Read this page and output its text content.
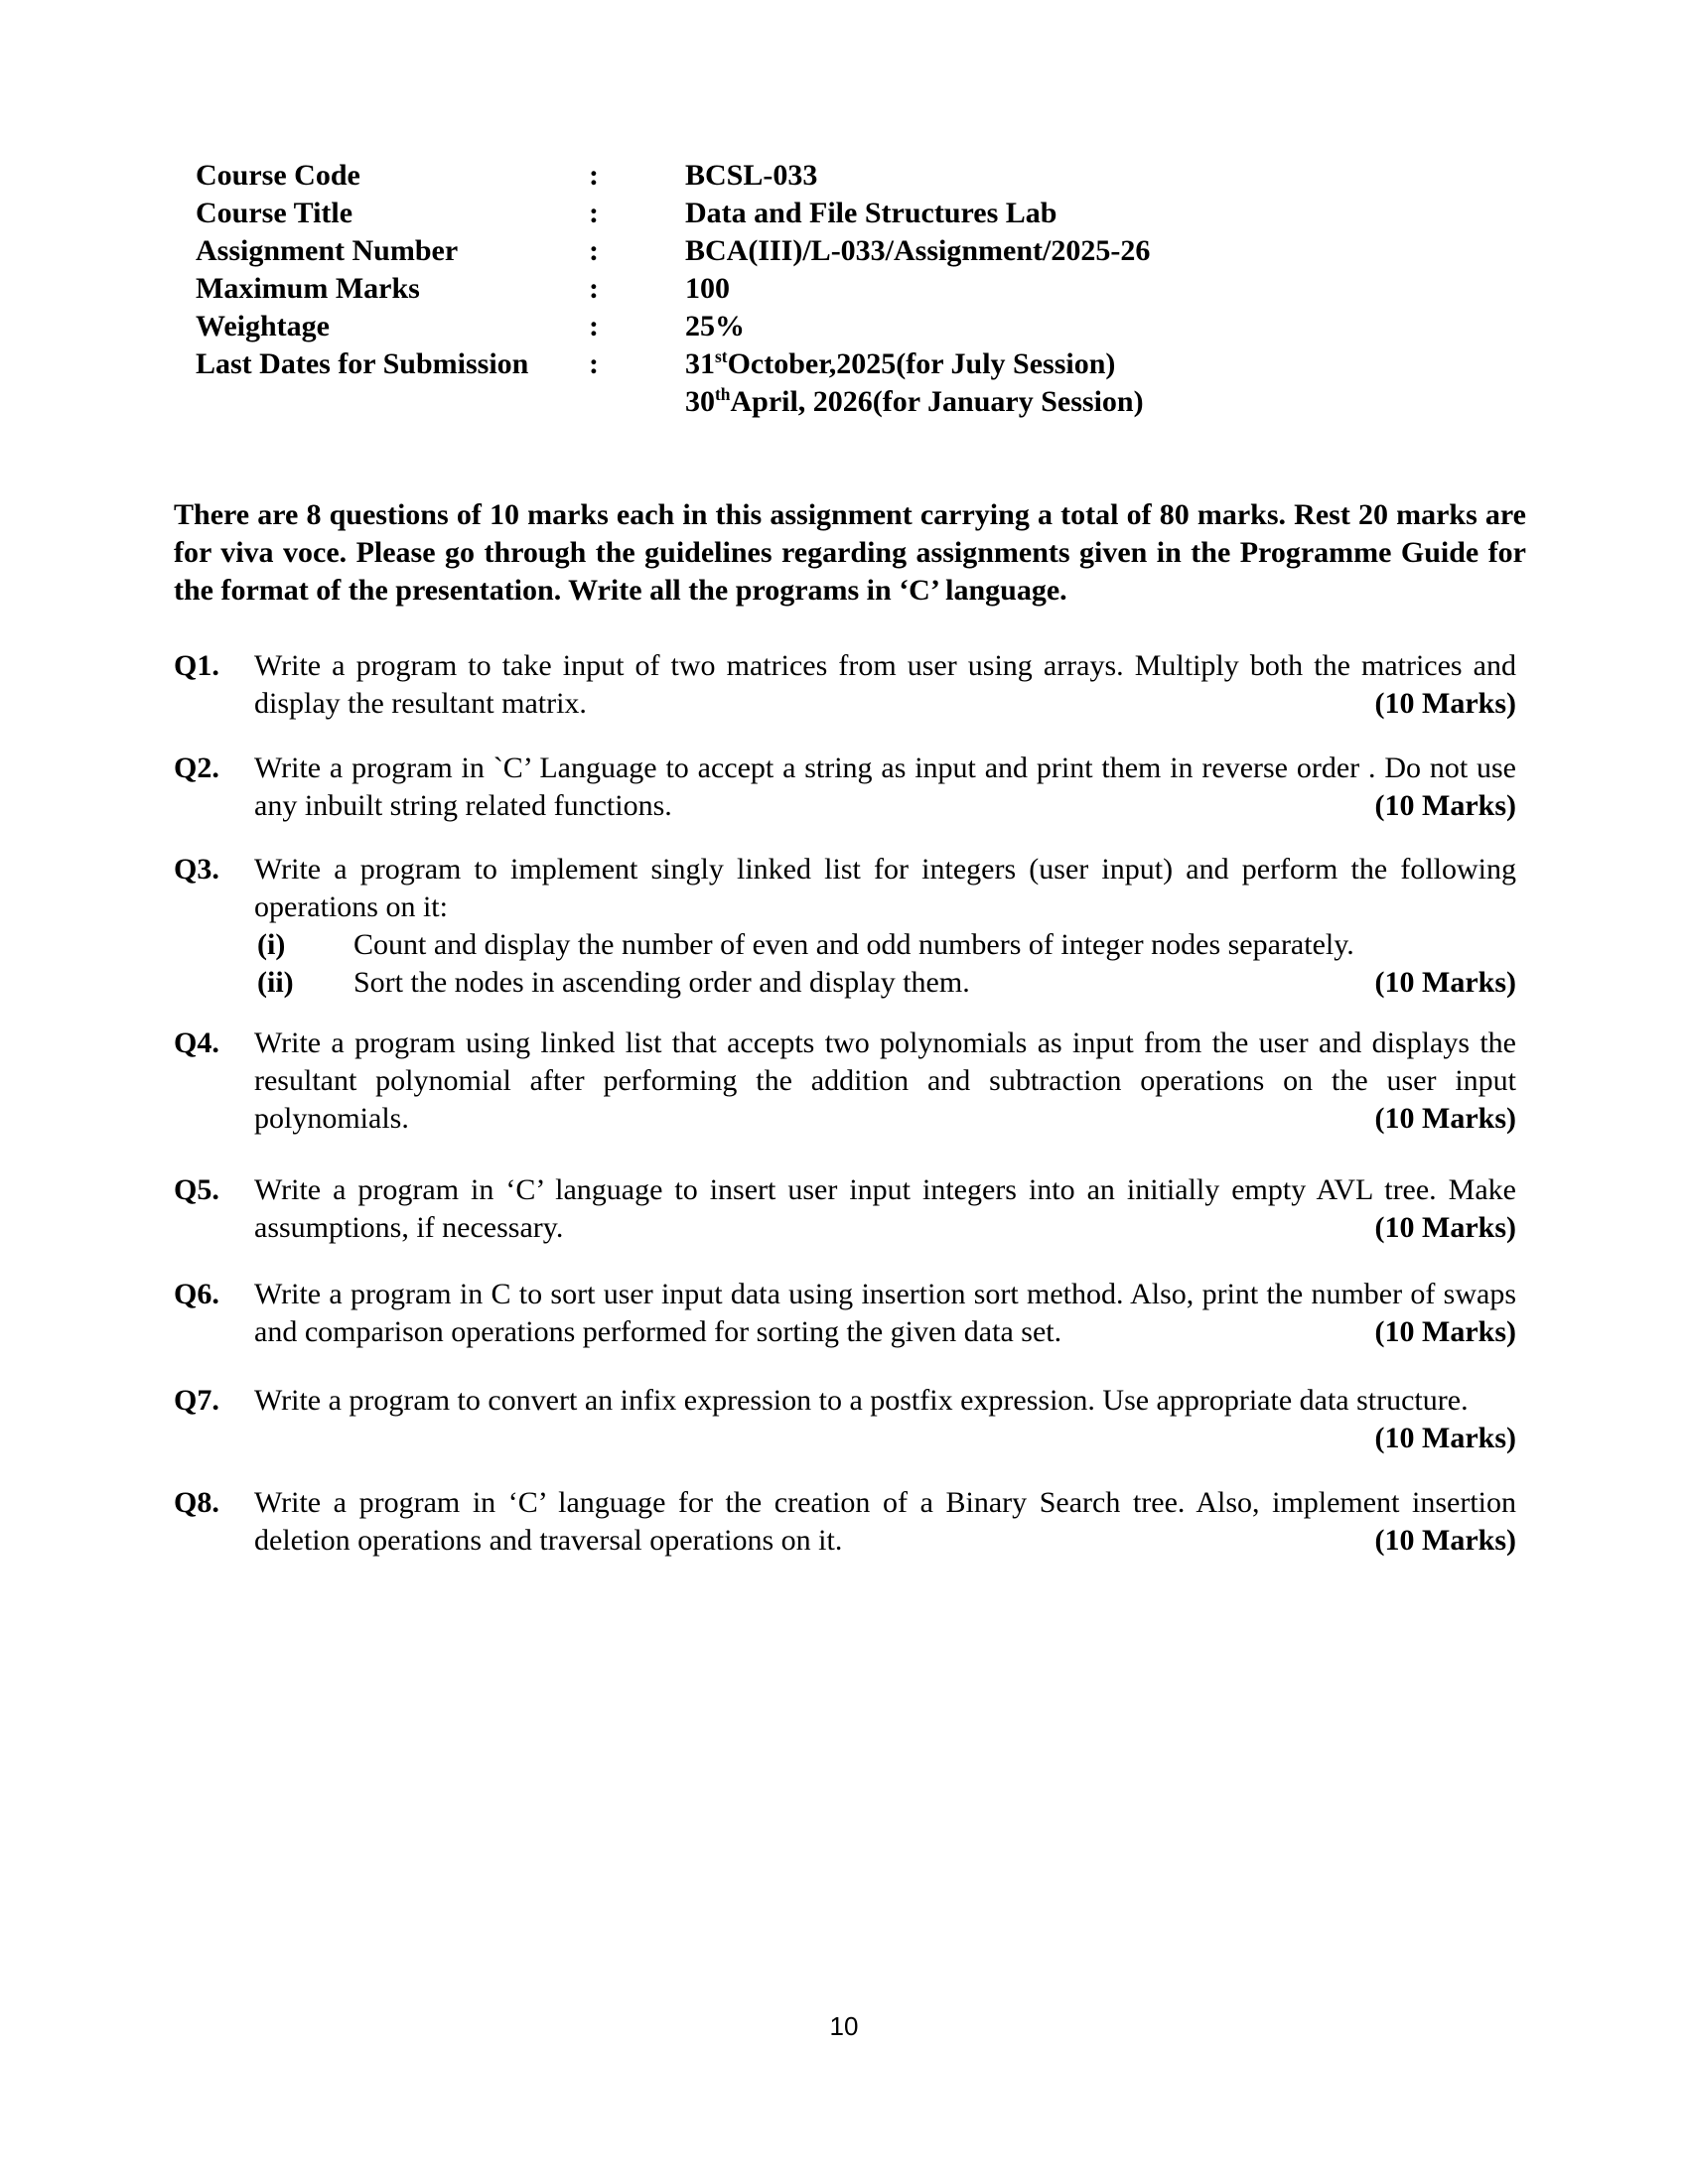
Course Code	:	BCSL-033
Course Title	:	Data and File Structures Lab
Assignment Number	:	BCA(III)/L-033/Assignment/2025-26
Maximum Marks	:	100
Weightage	:	25%
Last Dates for Submission	:	31stOctober,2025(for July Session)
30thApril, 2026(for January Session)
There are 8 questions of 10 marks each in this assignment carrying a total of 80 marks. Rest 20 marks are for viva voce. Please go through the guidelines regarding assignments given in the Programme Guide for the format of the presentation. Write all the programs in ‘C’ language.
Q1.	Write a program to take input of two matrices from user using arrays. Multiply both the matrices and display the resultant matrix.	(10 Marks)
Q2.	Write a program in `C’ Language to accept a string as input and print them in reverse order . Do not use any inbuilt string related functions.	(10 Marks)
Q3.	Write a program to implement singly linked list for integers (user input) and perform the following operations on it:
(i) Count and display the number of even and odd numbers of integer nodes separately.
(ii) Sort the nodes in ascending order and display them.	(10 Marks)
Q4.	Write a program using linked list that accepts two polynomials as input from the user and displays the resultant polynomial after performing the addition and subtraction operations on the user input polynomials.	(10 Marks)
Q5.	Write a program in ‘C’ language to insert user input integers into an initially empty AVL tree. Make assumptions, if necessary.	(10 Marks)
Q6.	Write a program in C to sort user input data using insertion sort method. Also, print the number of swaps and comparison operations performed for sorting the given data set.	(10 Marks)
Q7.	Write a program to convert an infix expression to a postfix expression. Use appropriate data structure.
(10 Marks)
Q8.	Write a program in ‘C’ language for the creation of a Binary Search tree. Also, implement insertion deletion operations and traversal operations on it.	(10 Marks)
10
